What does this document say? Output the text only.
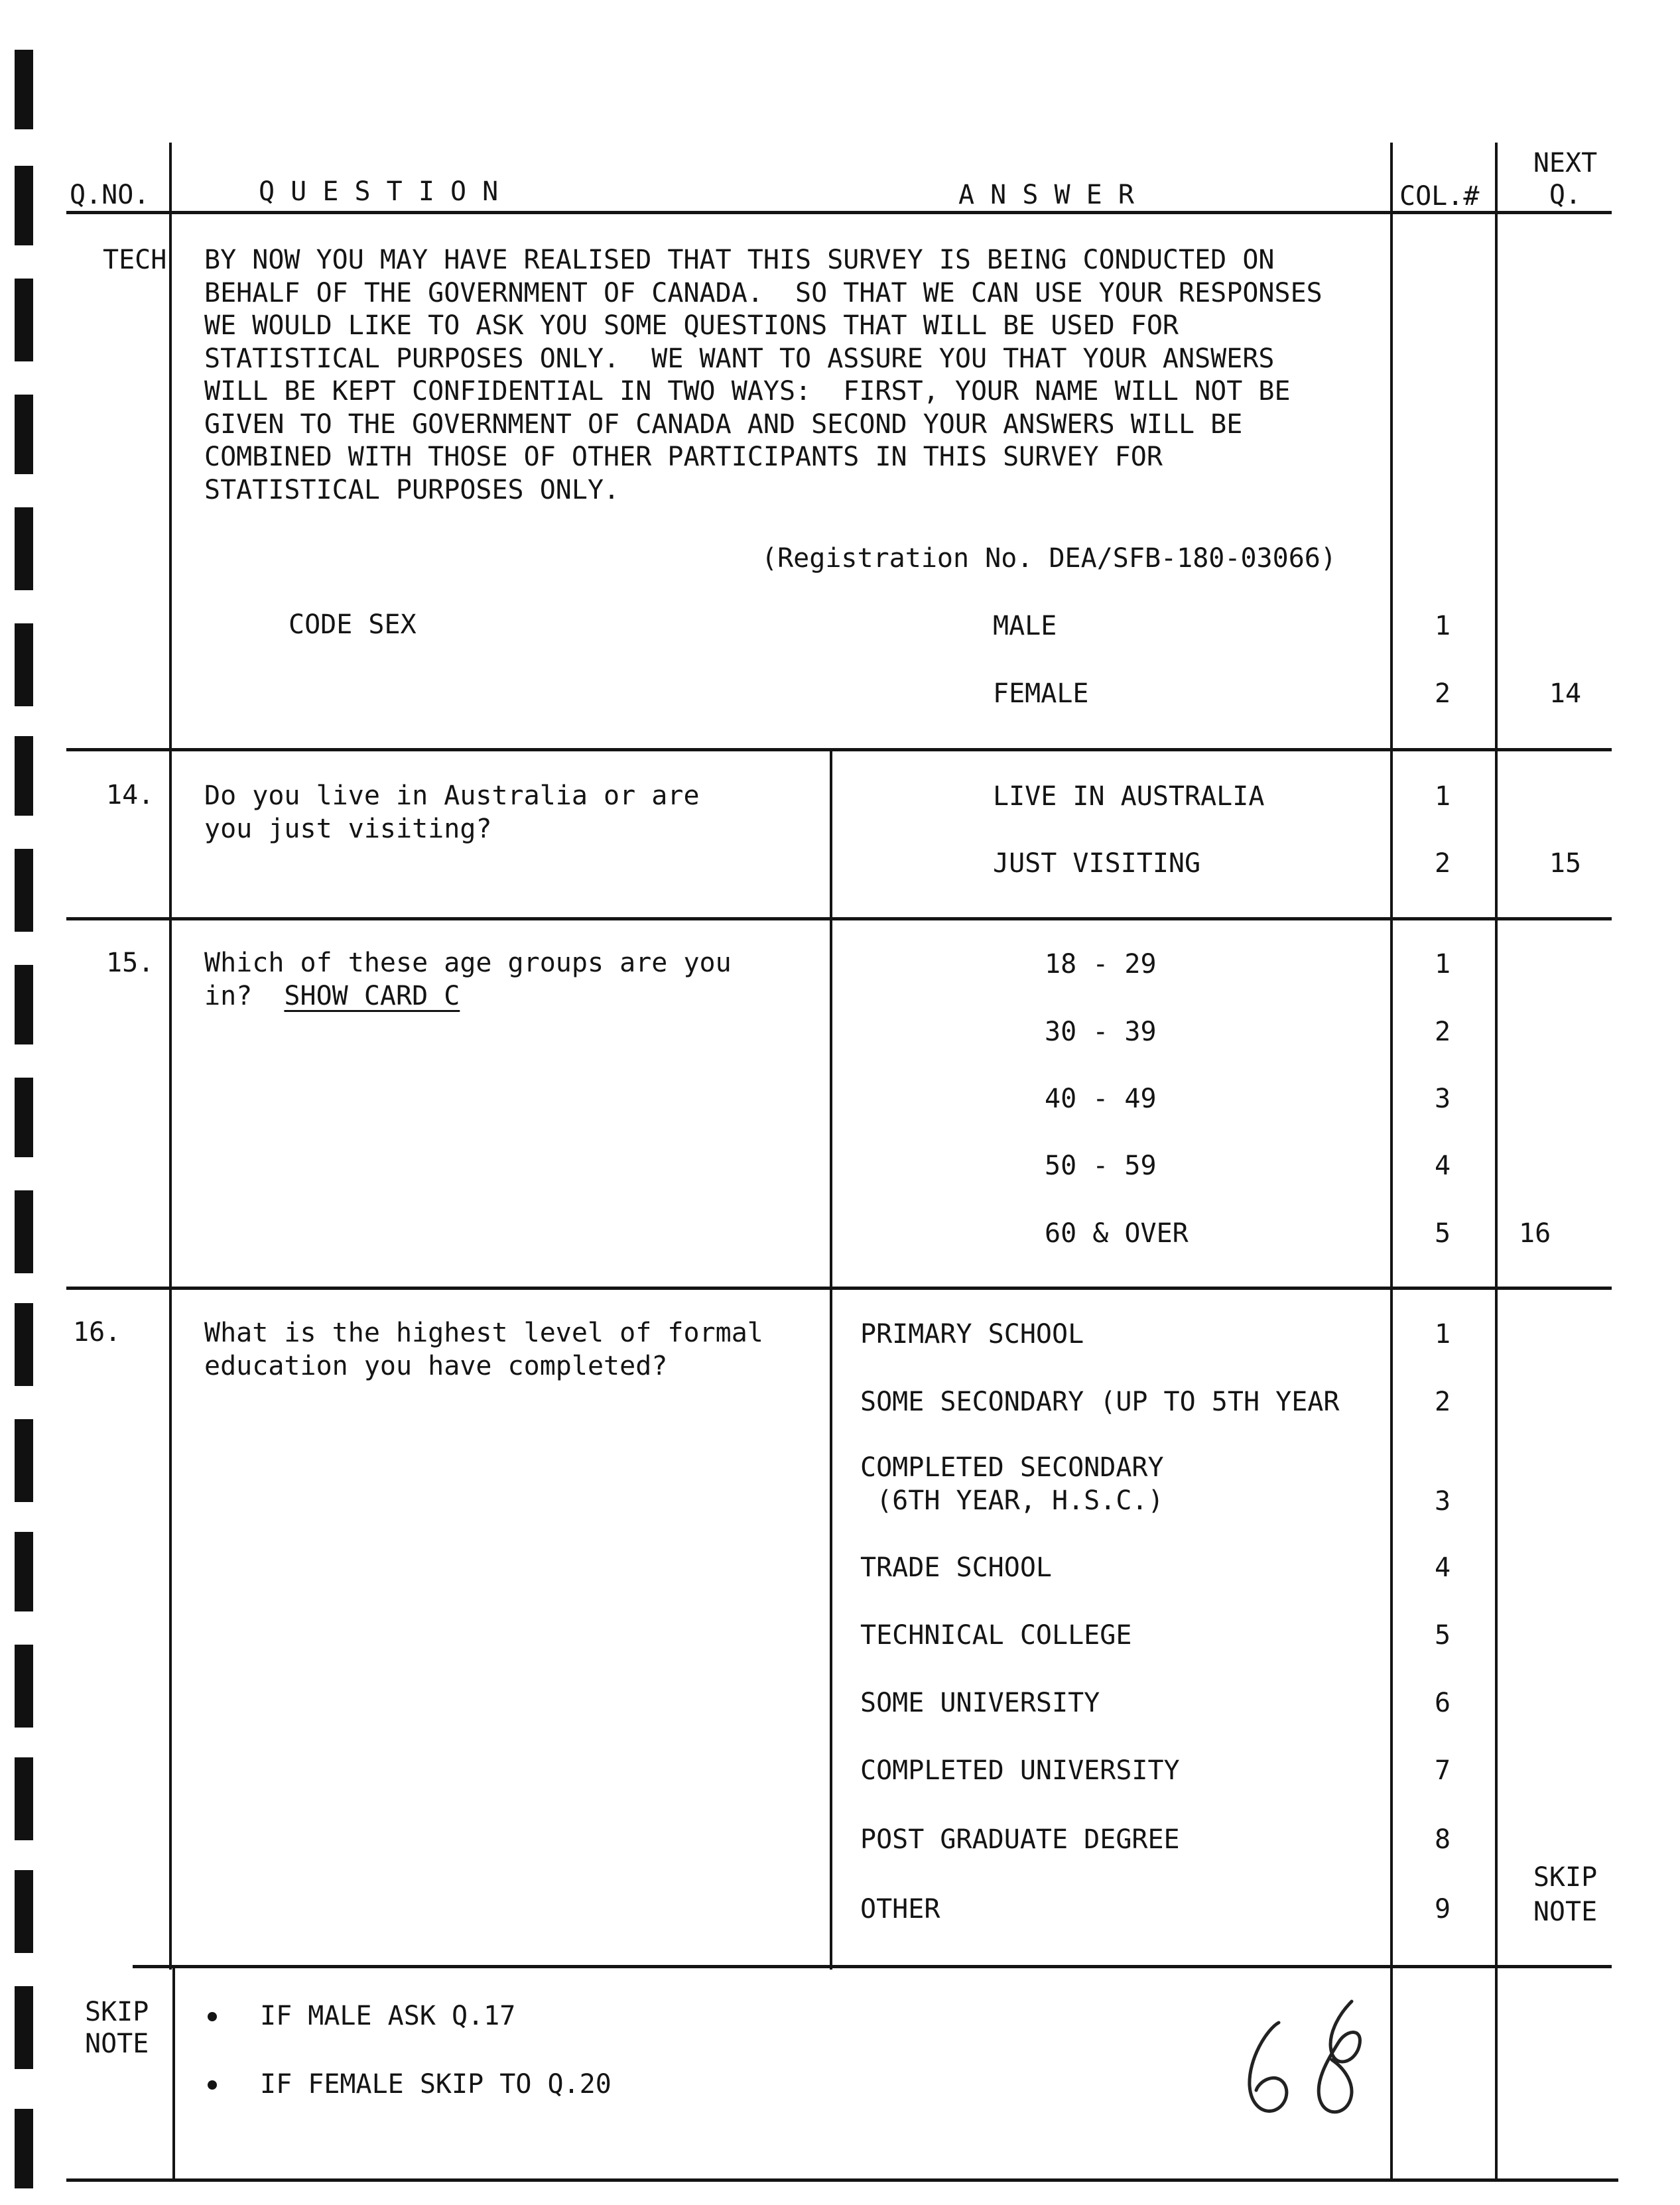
Q.NO.	Q U E S T I O N	A N S W E R	COL.#
NEXT
Q.
TECH BY NOW YOU MAY HAVE REALISED THAT THIS SURVEY IS BEING CONDUCTED ON
BEHALF OF THE GOVERNMENT OF CANADA.  SO THAT WE CAN USE YOUR RESPONSES
WE WOULD LIKE TO ASK YOU SOME QUESTIONS THAT WILL BE USED FOR
STATISTICAL PURPOSES ONLY.  WE WANT TO ASSURE YOU THAT YOUR ANSWERS
WILL BE KEPT CONFIDENTIAL IN TWO WAYS:  FIRST, YOUR NAME WILL NOT BE
GIVEN TO THE GOVERNMENT OF CANADA AND SECOND YOUR ANSWERS WILL BE
COMBINED WITH THOSE OF OTHER PARTICIPANTS IN THIS SURVEY FOR
STATISTICAL PURPOSES ONLY.
(Registration No. DEA/SFB-180-03066)
CODE SEX	MALE	1
FEMALE	2	14
14. Do you live in Australia or are
you just visiting?
LIVE IN AUSTRALIA	1
JUST VISITING	2	15
15. Which of these age groups are you
in?  SHOW CARD C
18 - 29	1
30 - 39	2
40 - 49	3
50 - 59	4
60 & OVER	5	16
16.	What is the highest level of formal
education you have completed?
PRIMARY SCHOOL	1
SOME SECONDARY (UP TO 5TH YEAR	2
COMPLETED SECONDARY
(6TH YEAR, H.S.C.)	3
TRADE SCHOOL	4
TECHNICAL COLLEGE	5
SOME UNIVERSITY	6
COMPLETED UNIVERSITY	7
POST GRADUATE DEGREE	8
OTHER	9
SKIP
NOTE
SKIP
NOTE
IF MALE ASK Q.17
IF FEMALE SKIP TO Q.20
